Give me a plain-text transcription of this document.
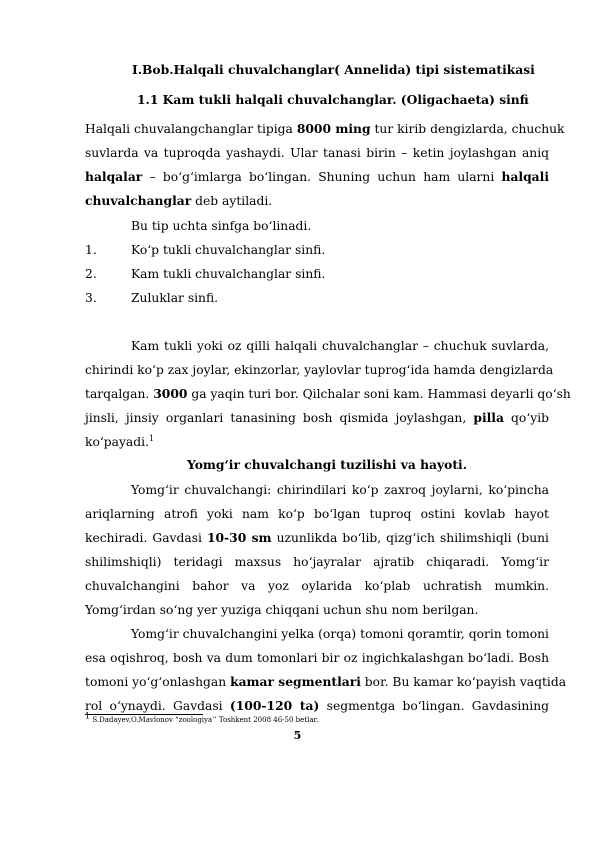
I.Bob.Halqali chuvalchanglar( Annelida) tipi sistematikasi
1.1 Kam tukli halqali chuvalchanglar. (Oligachaeta) sinfi
Halqali chuvalangchanglar tipiga 8000 ming tur kirib dengizlarda, chuchuk
suvlarda va tuproqda yashaydi. Ular tanasi birin – ketin joylashgan aniq
halqalar – bo‘g‘imlarga bo‘lingan. Shuning uchun ham ularni halqali
chuvalchanglar deb aytiladi.
Bu tip uchta sinfga bo‘linadi.
1.	Ko‘p tukli chuvalchanglar sinfi.
2.	Kam tukli chuvalchanglar sinfi.
3.	Zuluklar sinfi.
Kam tukli yoki oz qilli halqali chuvalchanglar – chuchuk suvlarda,
chirindi ko‘p zax joylar, ekinzorlar, yaylovlar tuprog‘ida hamda dengizlarda
tarqalgan. 3000 ga yaqin turi bor. Qilchalar soni kam. Hammasi deyarli qo‘sh
jinsli, jinsiy organlari tanasining bosh qismida joylashgan, pilla qo‘yib
ko‘payadi.$^1$
Yomg‘ir chuvalchangi tuzilishi va hayoti.
Yomg‘ir chuvalchangi: chirindilari ko‘p zaxroq joylarni, ko‘pincha
ariqlarning atrofi yoki nam ko‘p bo‘lgan tuproq ostini kovlab hayot
kechiradi. Gavdasi 10-30 sm uzunlikda bo‘lib, qizg‘ich shilimshiqli (buni
shilimshiqli) teridagi maxsus ho‘jayralar ajratib chiqaradi. Yomg‘ir
chuvalchangini bahor va yoz oylarida ko‘plab uchratish mumkin.
Yomg‘irdan so‘ng yer yuziga chiqqani uchun shu nom berilgan.
Yomg‘ir chuvalchangini yelka (orqa) tomoni qoramtir, qorin tomoni
esa oqishroq, bosh va dum tomonlari bir oz ingichkalashgan bo‘ladi. Bosh
tomoni yo‘g‘onlashgan kamar segmentlari bor. Bu kamar ko‘payish vaqtida
rol o‘ynaydi. Gavdasi (100-120 ta) segmentga bo‘lingan. Gavdasining
$^1$ S.Dadayev,O.Mavlonov “zoologiya’’ Toshkent 2008 46-50 betlar.
5
